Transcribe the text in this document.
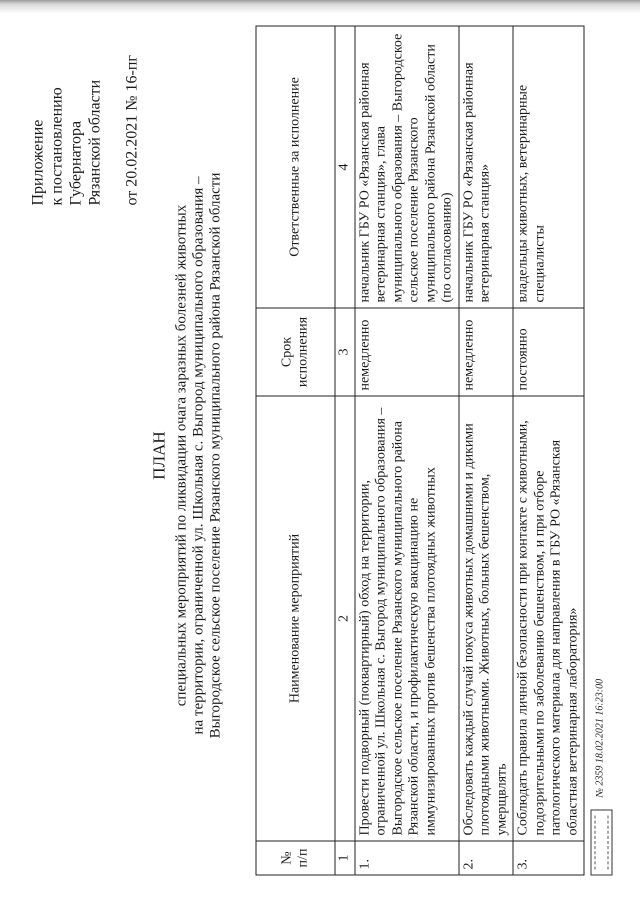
Приложение к постановлению Губернатора Рязанской области от 20.02.2021 № 16-пг
ПЛАН специальных мероприятий по ликвидации очага заразных болезней животных на территории, ограниченной ул. Школьная с. Выгород муниципального образования – Выгородское сельское поселение Рязанского муниципального района Рязанской области
№ п/п	Наименование мероприятий	Срок исполнения	Ответственные за исполнение
1	2	3	4
1.	Провести подворный (поквартирный) обход на территории, ограниченной ул. Школьная с. Выгород муниципального образования – Выгородское сельское поселение Рязанского муниципального района Рязанской области, и профилактическую вакцинацию не иммунизированных против бешенства плотоядных животных	немедленно	начальник ГБУ РО «Рязанская районная ветеринарная станция», глава муниципального образования – Выгородское сельское поселение Рязанского муниципального района Рязанской области (по согласованию)
2.	Обследовать каждый случай покуса животных домашними и дикими плотоядными животными. Животных, больных бешенством, умерщвлять	немедленно	начальник ГБУ РО «Рязанская районная ветеринарная станция»
3.	Соблюдать правила личной безопасности при контакте с животными, подозрительными по заболеванию бешенством, и при отборе патологического материала для направления в ГБУ РО «Рязанская областная ветеринарная лаборатория»	постоянно	владельцы животных, ветеринарные специалисты
№ 2359 18.02.2021 16:23:00
